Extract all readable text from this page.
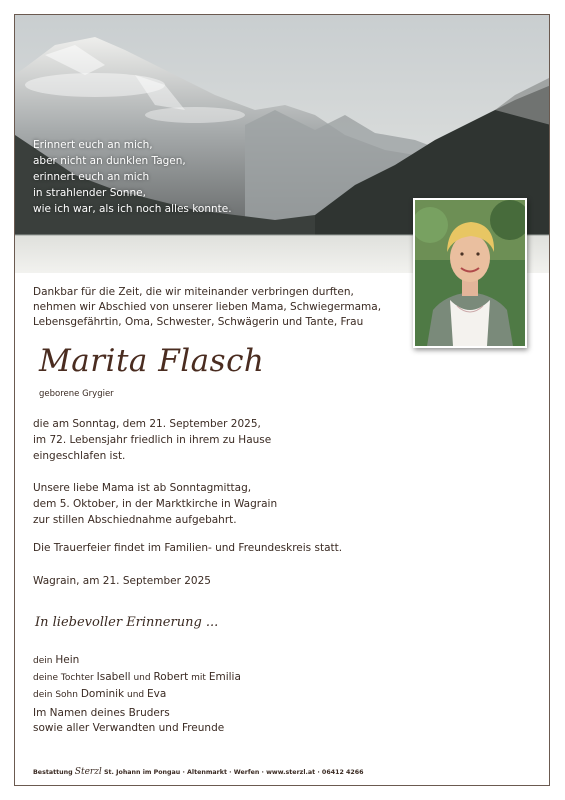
Erinnert euch an mich,
aber nicht an dunklen Tagen,
erinnert euch an mich
in strahlender Sonne,
wie ich war, als ich noch alles konnte.
Dankbar für die Zeit, die wir miteinander verbringen durften,
nehmen wir Abschied von unserer lieben Mama, Schwiegermama,
Lebensgefährtin, Oma, Schwester, Schwägerin und Tante, Frau
Marita Flasch
geborene Grygier
die am Sonntag, dem 21. September 2025,
im 72. Lebensjahr friedlich in ihrem zu Hause
eingeschlafen ist.
Unsere liebe Mama ist ab Sonntagmittag,
dem 5. Oktober, in der Marktkirche in Wagrain
zur stillen Abschiednahme aufgebahrt.
Die Trauerfeier findet im Familien- und Freundeskreis statt.
Wagrain, am 21. September 2025
In liebevoller Erinnerung ...
dein Hein
deine Tochter Isabell und Robert mit Emilia
dein Sohn Dominik und Eva
Im Namen deines Bruders
sowie aller Verwandten und Freunde
Bestattung Sterzl St. Johann im Pongau · Altenmarkt · Werfen · www.sterzl.at · 06412 4266
